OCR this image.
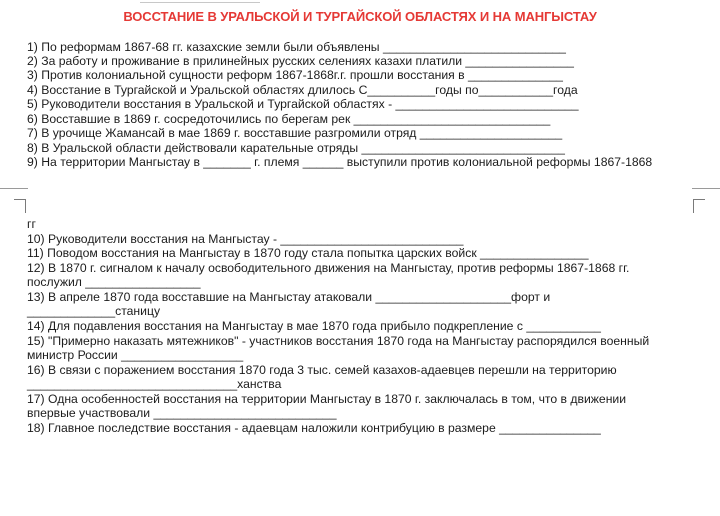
ВОССТАНИЕ В УРАЛЬСКОЙ И ТУРГАЙСКОЙ ОБЛАСТЯХ И НА МАНГЫСТАУ
1) По реформам 1867-68 гг. казахские земли были объявлены ___________________________
2) За работу и проживание в прилинейных русских селениях казахи платили ________________
3) Против колониальной сущности реформ 1867-1868г.г. прошли восстания в ______________
4) Восстание в Тургайской и Уральской областях длилось С__________годы по___________года
5) Руководители восстания в Уральской и Тургайской областях - ___________________________
6) Восставшие в 1869 г. сосредоточились по берегам рек _____________________________
7) В урочище Жамансай в мае 1869 г. восставшие разгромили отряд _____________________
8) В Уральской области действовали карательные отряды ______________________________
9) На территории Мангыстау в _______ г. племя ______ выступили против колониальной реформы 1867-1868
гг
10) Руководители восстания на Мангыстау - ___________________________
11) Поводом восстания на Мангыстау в 1870 году стала попытка царских войск ________________
12) В 1870 г. сигналом к началу освободительного движения на Мангыстау, против реформы 1867-1868 гг.
послужил _________________
13) В апреле 1870 года восставшие на Мангыстау атаковали ____________________форт и
_____________станицу
14) Для подавления восстания на Мангыстау в мае 1870 года прибыло подкрепление с ___________
15) "Примерно наказать мятежников" - участников восстания 1870 года на Мангыстау распорядился военный
министр России __________________
16) В связи с поражением восстания 1870 года 3 тыс. семей казахов-адаевцев перешли на территорию
_______________________________ханства
17) Одна особенностей восстания на территории Мангыстау в 1870 г. заключалась в том, что в движении
впервые участвовали ___________________________
18) Главное последствие восстания - адаевцам наложили контрибуцию в размере _______________
